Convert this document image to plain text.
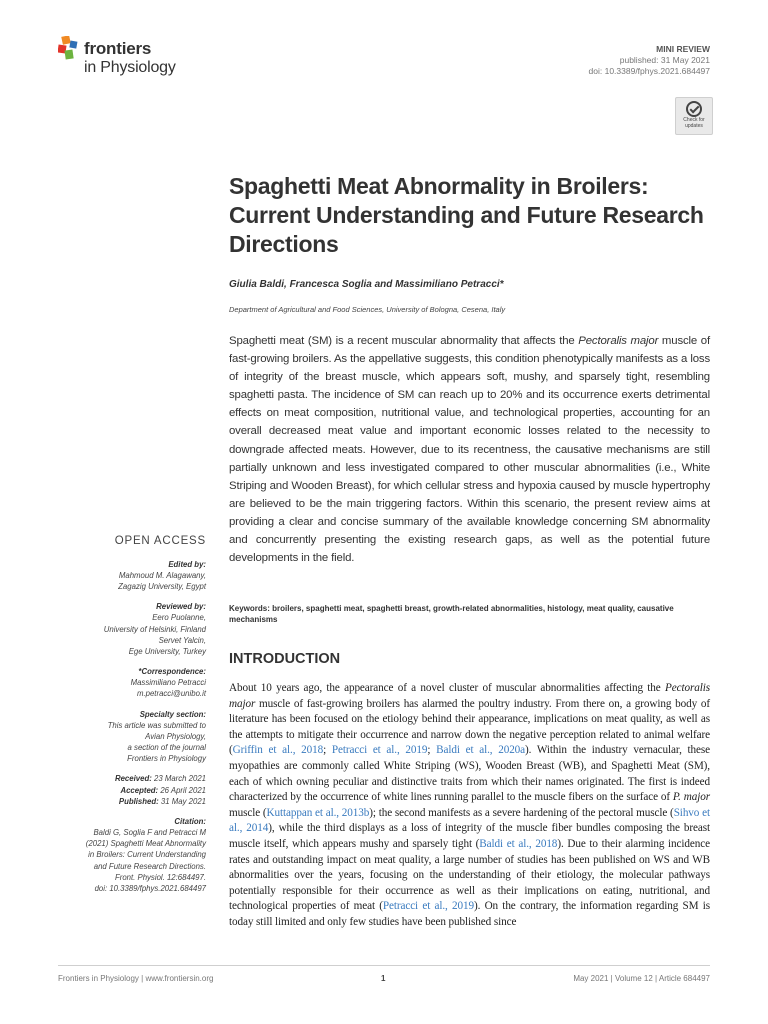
frontiers
in Physiology
MINI REVIEW
published: 31 May 2021
doi: 10.3389/fphys.2021.684497
Check for
updates
Spaghetti Meat Abnormality in Broilers: Current Understanding and Future Research Directions
Giulia Baldi, Francesca Soglia and Massimiliano Petracci*
Department of Agricultural and Food Sciences, University of Bologna, Cesena, Italy
Spaghetti meat (SM) is a recent muscular abnormality that affects the Pectoralis major muscle of fast-growing broilers. As the appellative suggests, this condition phenotypically manifests as a loss of integrity of the breast muscle, which appears soft, mushy, and sparsely tight, resembling spaghetti pasta. The incidence of SM can reach up to 20% and its occurrence exerts detrimental effects on meat composition, nutritional value, and technological properties, accounting for an overall decreased meat value and important economic losses related to the necessity to downgrade affected meats. However, due to its recentness, the causative mechanisms are still partially unknown and less investigated compared to other muscular abnormalities (i.e., White Striping and Wooden Breast), for which cellular stress and hypoxia caused by muscle hypertrophy are believed to be the main triggering factors. Within this scenario, the present review aims at providing a clear and concise summary of the available knowledge concerning SM abnormality and concurrently presenting the existing research gaps, as well as the potential future developments in the field.
Keywords: broilers, spaghetti meat, spaghetti breast, growth-related abnormalities, histology, meat quality, causative mechanisms
INTRODUCTION
About 10 years ago, the appearance of a novel cluster of muscular abnormalities affecting the Pectoralis major muscle of fast-growing broilers has alarmed the poultry industry. From there on, a growing body of literature has been focused on the etiology behind their appearance, implications on meat quality, as well as the attempts to mitigate their occurrence and narrow down the negative perception related to animal welfare (Griffin et al., 2018; Petracci et al., 2019; Baldi et al., 2020a). Within the industry vernacular, these myopathies are commonly called White Striping (WS), Wooden Breast (WB), and Spaghetti Meat (SM), each of which owning peculiar and distinctive traits from which their names originated. The first is indeed characterized by the occurrence of white lines running parallel to the muscle fibers on the surface of P. major muscle (Kuttappan et al., 2013b); the second manifests as a severe hardening of the pectoral muscle (Sihvo et al., 2014), while the third displays as a loss of integrity of the muscle fiber bundles composing the breast muscle itself, which appears mushy and sparsely tight (Baldi et al., 2018). Due to their alarming incidence rates and outstanding impact on meat quality, a large number of studies has been published on WS and WB abnormalities over the years, focusing on the understanding of their etiology, the molecular pathways potentially responsible for their occurrence as well as their implications on eating, nutritional, and technological properties of meat (Petracci et al., 2019). On the contrary, the information regarding SM is today still limited and only few studies have been published since
OPEN ACCESS
Edited by:
Mahmoud M. Alagawany,
Zagazig University, Egypt
Reviewed by:
Eero Puolanne,
University of Helsinki, Finland
Servet Yalcin,
Ege University, Turkey
*Correspondence:
Massimiliano Petracci
m.petracci@unibo.it
Specialty section:
This article was submitted to
Avian Physiology,
a section of the journal
Frontiers in Physiology
Received: 23 March 2021
Accepted: 26 April 2021
Published: 31 May 2021
Citation:
Baldi G, Soglia F and Petracci M
(2021) Spaghetti Meat Abnormality
in Broilers: Current Understanding
and Future Research Directions.
Front. Physiol. 12:684497.
doi: 10.3389/fphys.2021.684497
Frontiers in Physiology | www.frontiersin.org	1	May 2021 | Volume 12 | Article 684497
